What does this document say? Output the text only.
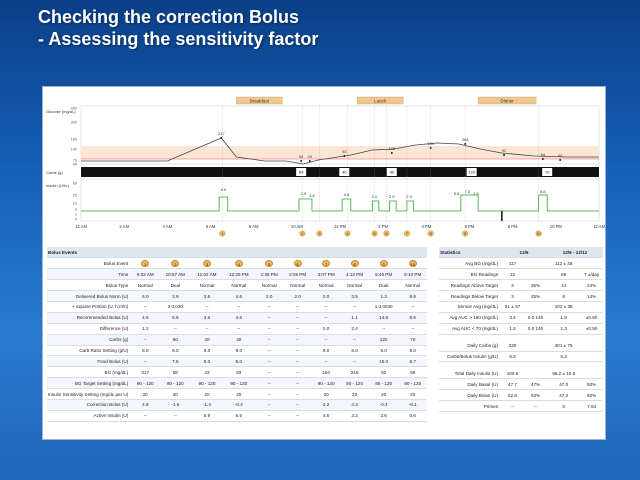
Checking the correction Bolus
- Assessing the sensitivity factor
Breakfast	Lunch	Dinner
Glucose (mg/dL)
400
300
180
140
70
40
217
54 43
93
128
184
208
92
54	60
Carbs (g)	60	40	40	120	70
Insulin (U/hr) 60
20
10
3
1
0
6.0
2.9 3.6	4.6	2.0	2.0	2.0
5.8 7.3 1.5	8.6
12 AM	2 AM	4 AM	6 AM	8 AM	10 AM	12 PM	2 PM	4 PM	6 PM	8 PM	10 PM	12 AM
1	2	3	4	5	6	7	8	9	10
Bolus Events										
Bolus Event	1	2	3	4	5	6	7	8	9	10
Time	6:32 AM	10:57 AM	11:02 AM	12:20 PM	1:36 PM	2:08 PM	3:07 PM	4:12 PM	5:46 PM	9:10 PM
Bolus Type	Normal	Dual	Normal	Normal	Normal	Normal	Normal	Normal	Dual	Normal
Delivered Bolus Norm (U)	6.0	2.9	3.6	4.6	2.0	2.0	2.0	3.5	1.3	8.6
+ Square Portion (U, h:mm)	--	3.0,030	--	--	--	--	--	--	1.3,0030	--
Recommended Bolus (U)	4.5	5.9	3.6	4.6	--	--	--	1.1	14.8	8.6
Difference (U)	1.2	--	--	--	--	--	2.0	2.4	--	--
Carbs (g)	--	60	40	40	--	--	--	--	120	70
Carb Ratio Setting (g/U)	8.0	8.0	8.0	8.0	--	--	8.0	8.0	8.0	8.0
Food Bolus (U)	--	7.5	5.0	5.0	--	--	--	--	15.0	8.7
BG (mg/dL)	217	58	43	93	--	--	164	216	92	58
BG Target Setting (mg/dL)	90 - 120	90 - 120	90 - 120	90 - 120	--	--	90 - 120	90 - 120	90 - 120	90 - 120
Insulin Sensitivity Setting (mg/dL per U)	20	20	20	20	--	--	20	20	20	20
Correction Bolus (U)	4.8	-1.6	-1.4	-0.4	--	--	2.2	4.3	-0.4	-0.1
Active Insulin (U)	--	--	5.9	6.6	--	--	4.0	3.2	2.6	0.6
Statistics	12/6		12/6 - 12/12	
Avg BG (mg/dL)	117		112 ± 48	
BG Readings	12		69	7 ±/day
Readings Above Target	3	25%	14	24%
Readings Below Target	3	25%	8	14%
Sensor Avg (mg/dL)	51 ± 37		102 ± 36	
Avg AUC > 180 (mg/dL)	3.4	0.0 14h	1.9	±0.5h
Avg AUC < 70 (mg/dL)	1.3	0.0 14h	1.3	±0.5h

Daily Carbs (g)	330		301 ± 75	
Carbs/Bolus Insulin (g/U)	6.3		6.3	

Total Daily Insulin (U)	100.6		96.2 ± 10.6	
Daily Basal (U)	47.7	47%	47.0	50%
Daily Bolus (U)	52.8	53%	47.2	50%
Primes	--	--	6	7.64
